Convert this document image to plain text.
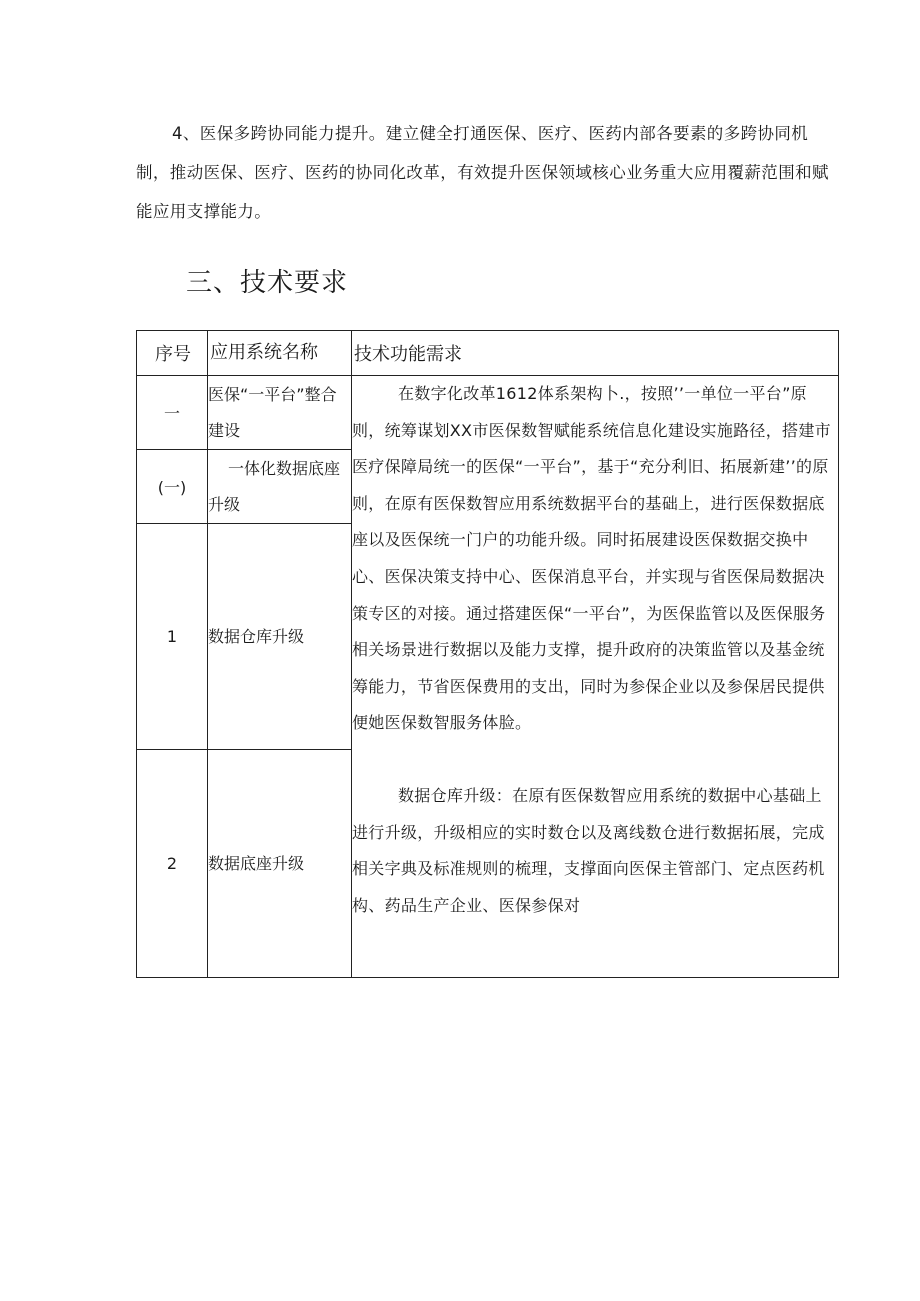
4、医保多跨协同能力提升。建立健全打通医保、医疗、医药内部各要素的多跨协同机制，推动医保、医疗、医药的协同化改革，有效提升医保领域核心业务重大应用覆薪范围和赋能应用支撑能力。

三、技术要求
序号	应用系统名称	技术功能需求
一	医保“一平台”整合建设	在数字化改革1612体系架构卜.，按照’’一单位一平台”原则，统筹谋划XX市医保数智赋能系统信息化建设实施路径，搭建市医疗保障局统一的医保“一平台”，基于“充分利旧、拓展新建’’的原则，在原有医保数智应用系统数据平台的基础上，进行医保数据底座以及医保统一门户的功能升级。同时拓展建设医保数据交换中心、医保决策支持中心、医保消息平台，并实现与省医保局数据决策专区的对接。通过搭建医保“一平台”，为医保监管以及医保服务相关场景进行数据以及能力支撑，提升政府的决策监管以及基金统筹能力，节省医保费用的支出，同时为参保企业以及参保居民提供便她医保数智服务体脸。

数据仓库升级：在原有医保数智应用系统的数据中心基础上进行升级，升级相应的实时数仓以及离线数仓进行数据拓展，完成相关字典及标准规则的梳理，支撑面向医保主管部门、定点医药机构、药品生产企业、医保参保对

(一)	一体化数据底座升级	
1	数据仓库升级	
2	数据底座升级	
